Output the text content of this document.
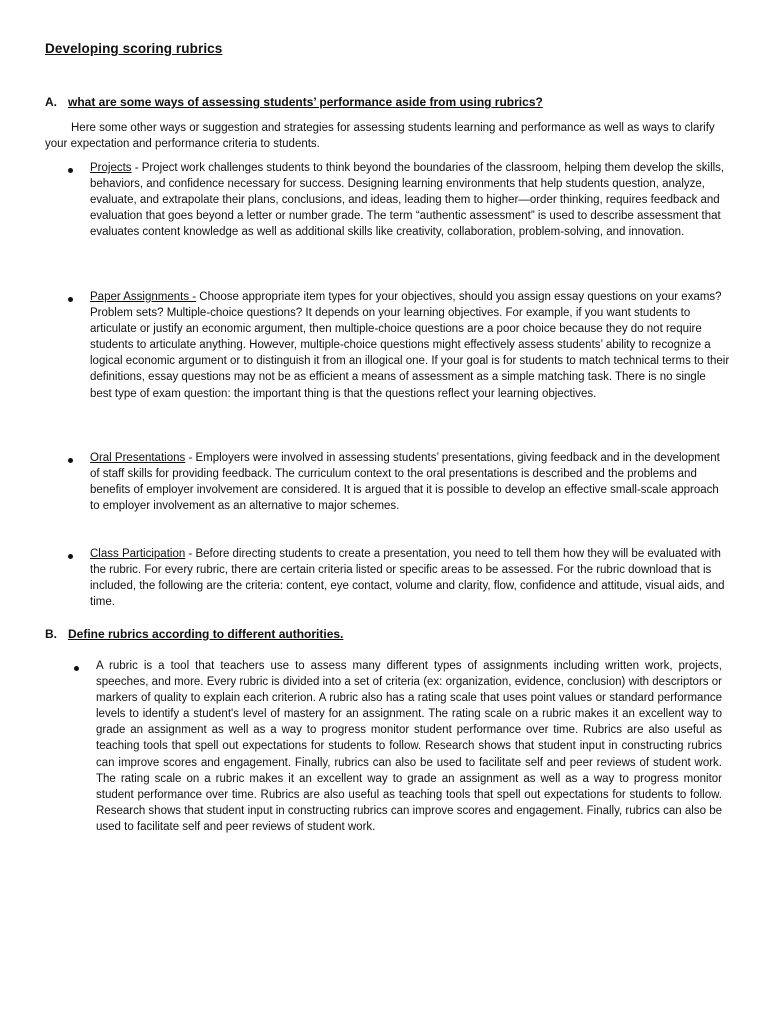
Developing scoring rubrics
A. what are some ways of assessing students’ performance aside from using rubrics?

Here some other ways or suggestion and strategies for assessing students learning and performance as well as ways to clarify your expectation and performance criteria to students.

Projects - Project work challenges students to think beyond the boundaries of the classroom, helping them develop the skills, behaviors, and confidence necessary for success. Designing learning environments that help students question, analyze, evaluate, and extrapolate their plans, conclusions, and ideas, leading them to higher—order thinking, requires feedback and evaluation that goes beyond a letter or number grade. The term “authentic assessment” is used to describe assessment that evaluates content knowledge as well as additional skills like creativity, collaboration, problem-solving, and innovation.

Paper Assignments - Choose appropriate item types for your objectives, should you assign essay questions on your exams? Problem sets? Multiple-choice questions? It depends on your learning objectives. For example, if you want students to articulate or justify an economic argument, then multiple-choice questions are a poor choice because they do not require students to articulate anything. However, multiple-choice questions might effectively assess students’ ability to recognize a logical economic argument or to distinguish it from an illogical one. If your goal is for students to match technical terms to their definitions, essay questions may not be as efficient a means of assessment as a simple matching task. There is no single best type of exam question: the important thing is that the questions reflect your learning objectives.

Oral Presentations - Employers were involved in assessing students’ presentations, giving feedback and in the development of staff skills for providing feedback. The curriculum context to the oral presentations is described and the problems and benefits of employer involvement are considered. It is argued that it is possible to develop an effective small-scale approach to employer involvement as an alternative to major schemes.

Class Participation - Before directing students to create a presentation, you need to tell them how they will be evaluated with the rubric. For every rubric, there are certain criteria listed or specific areas to be assessed. For the rubric download that is included, the following are the criteria: content, eye contact, volume and clarity, flow, confidence and attitude, visual aids, and time.

B. Define rubrics according to different authorities.

A rubric is a tool that teachers use to assess many different types of assignments including written work, projects, speeches, and more. Every rubric is divided into a set of criteria (ex: organization, evidence, conclusion) with descriptors or markers of quality to explain each criterion. A rubric also has a rating scale that uses point values or standard performance levels to identify a student's level of mastery for an assignment. The rating scale on a rubric makes it an excellent way to grade an assignment as well as a way to progress monitor student performance over time. Rubrics are also useful as teaching tools that spell out expectations for students to follow. Research shows that student input in constructing rubrics can improve scores and engagement. Finally, rubrics can also be used to facilitate self and peer reviews of student work. The rating scale on a rubric makes it an excellent way to grade an assignment as well as a way to progress monitor student performance over time. Rubrics are also useful as teaching tools that spell out expectations for students to follow. Research shows that student input in constructing rubrics can improve scores and engagement. Finally, rubrics can also be used to facilitate self and peer reviews of student work.
